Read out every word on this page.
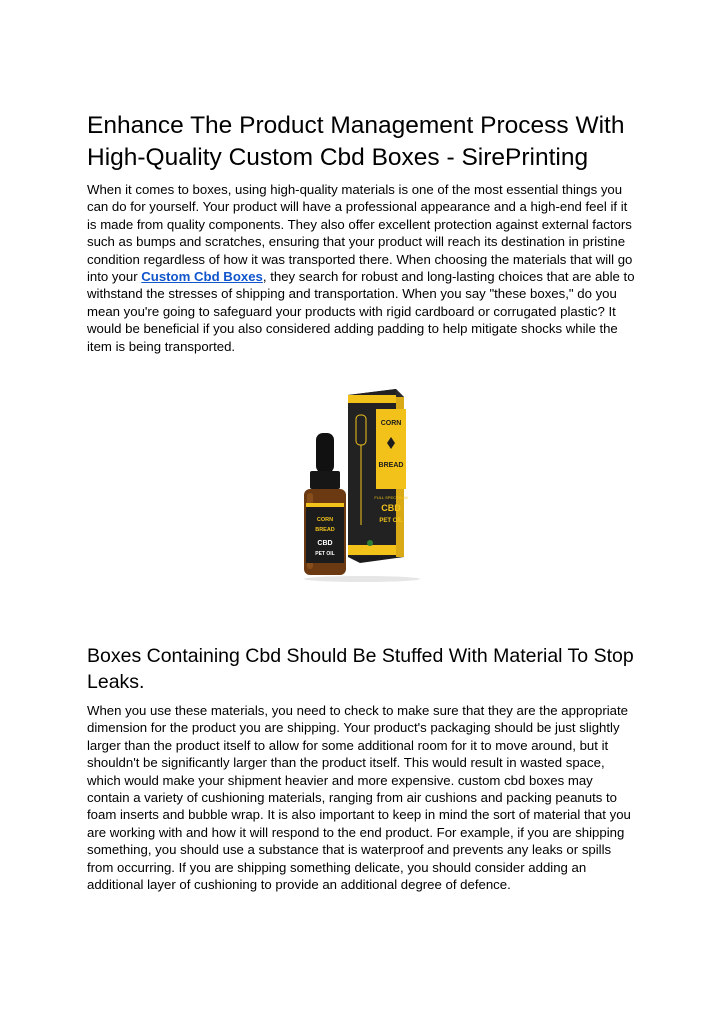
Enhance The Product Management Process With High-Quality Custom Cbd Boxes - SirePrinting

When it comes to boxes, using high-quality materials is one of the most essential things you can do for yourself. Your product will have a professional appearance and a high-end feel if it is made from quality components. They also offer excellent protection against external factors such as bumps and scratches, ensuring that your product will reach its destination in pristine condition regardless of how it was transported there. When choosing the materials that will go into your Custom Cbd Boxes, they search for robust and long-lasting choices that are able to withstand the stresses of shipping and transportation. When you say "these boxes," do you mean you're going to safeguard your products with rigid cardboard or corrugated plastic? It would be beneficial if you also considered adding padding to help mitigate shocks while the item is being transported.

CORN
BREAD
FULL SPECTRUM
CBD
PET OIL
CORN
BREAD
CBD
PET OIL
Boxes Containing Cbd Should Be Stuffed With Material To Stop Leaks.

When you use these materials, you need to check to make sure that they are the appropriate dimension for the product you are shipping. Your product's packaging should be just slightly larger than the product itself to allow for some additional room for it to move around, but it shouldn't be significantly larger than the product itself. This would result in wasted space, which would make your shipment heavier and more expensive. custom cbd boxes may contain a variety of cushioning materials, ranging from air cushions and packing peanuts to foam inserts and bubble wrap. It is also important to keep in mind the sort of material that you are working with and how it will respond to the end product. For example, if you are shipping something, you should use a substance that is waterproof and prevents any leaks or spills from occurring. If you are shipping something delicate, you should consider adding an additional layer of cushioning to provide an additional degree of defence.
